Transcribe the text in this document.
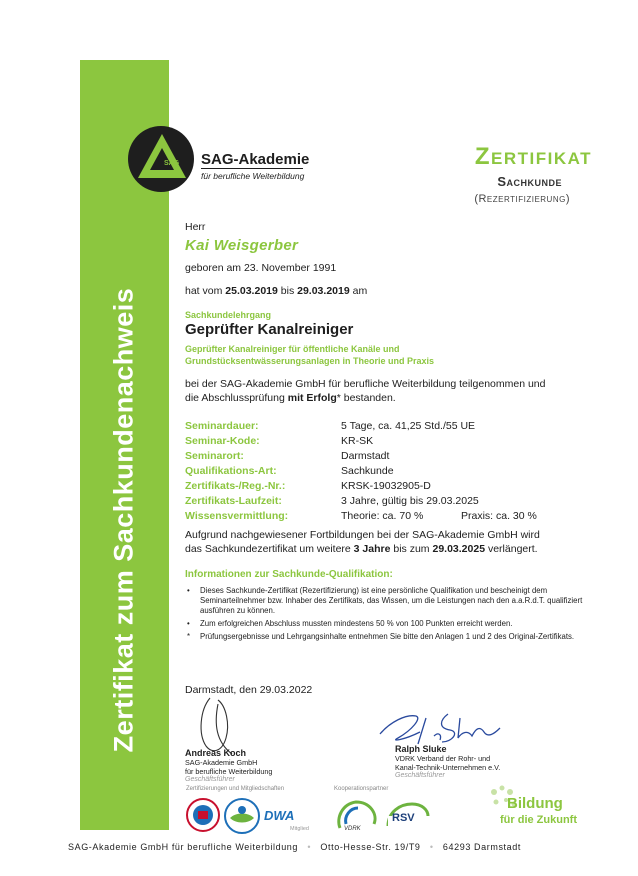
Zertifikat zum Sachkundenachweis
SAG SAG-Akademie
für berufliche Weiterbildung
Zertifikat
Sachkunde
(Rezertifizierung)
Herr
Kai Weisgerber
geboren am 23. November 1991
hat vom 25.03.2019 bis 29.03.2019 am
Sachkundelehrgang
Geprüfter Kanalreiniger
Geprüfter Kanalreiniger für öffentliche Kanäle und Grundstücksentwässerungsanlagen in Theorie und Praxis
bei der SAG-Akademie GmbH für berufliche Weiterbildung teilgenommen und
die Abschlussprüfung mit Erfolg* bestanden.
Seminardauer:	5 Tage, ca. 41,25 Std./55 UE
Seminar-Kode:	KR-SK
Seminarort:	Darmstadt
Qualifikations-Art:	Sachkunde
Zertifikats-/Reg.-Nr.:	KRSK-19032905-D
Zertifikats-Laufzeit:	3 Jahre, gültig bis 29.03.2025
Wissensvermittlung:	Theorie: ca. 70 %	Praxis: ca. 30 %
Aufgrund nachgewiesener Fortbildungen bei der SAG-Akademie GmbH wird
das Sachkundezertifikat um weitere 3 Jahre bis zum 29.03.2025 verlängert.
Informationen zur Sachkunde-Qualifikation:
•	Dieses Sachkunde-Zertifikat (Rezertifizierung) ist eine persönliche Qualifikation und bescheinigt dem Seminarteilnehmer bzw. Inhaber des Zertifikats, das Wissen, um die Leistungen nach den a.a.R.d.T. qualifiziert ausführen zu können.
•	Zum erfolgreichen Abschluss mussten mindestens 50 % von 100 Punkten erreicht werden.
*	Prüfungsergebnisse und Lehrgangsinhalte entnehmen Sie bitte den Anlagen 1 und 2 des Original-Zertifikats.
Darmstadt, den 29.03.2022
Andreas Koch
SAG-Akademie GmbH
für berufliche Weiterbildung
Geschäftsführer
Ralph Sluke
VDRK Verband der Rohr- und
Kanal-Technik-Unternehmen e.V.
Geschäftsführer
Zertifizierungen und Mitgliedschaften	Kooperationspartner
DWA
Mitglied	VDRK
RSV
Bildung
für die Zukunft
SAG-Akademie GmbH für berufliche Weiterbildung   •   Otto-Hesse-Str. 19/T9   •   64293 Darmstadt
